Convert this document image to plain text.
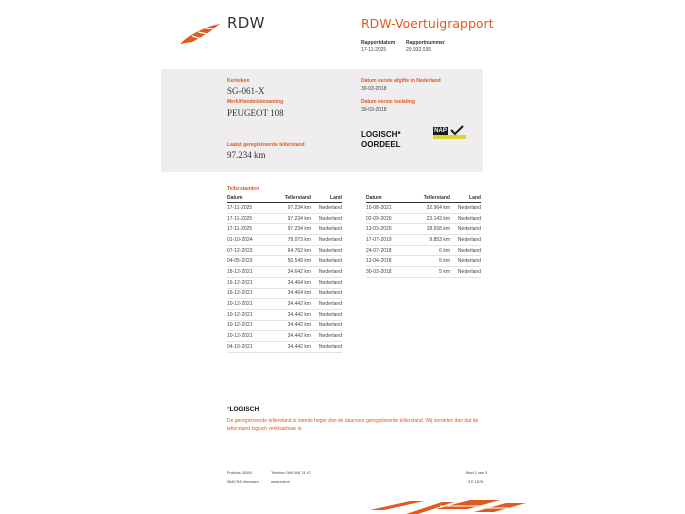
RDW	RDW-Voertuigrapport
Rapportdatum
17-11-2025
Rapportnummer
29.932.035
Kenteken
SG-061-X
Merk/Handelsbenaming
PEUGEOT 108
Laatst geregistreerde tellerstand
97.234 km
Datum eerste afgifte in Nederland
30-03-2018
Datum eerste toelating
30-03-2018
LOGISCH*
OORDEEL
NAP
Tellerstanden
Datum	Tellerstand	Land
17-11-2025	97.234 km	Nederland
17-11-2025	97.234 km	Nederland
17-11-2025	97.234 km	Nederland
01-10-2024	78.073 km	Nederland
07-12-2023	64.762 km	Nederland
04-05-2023	56.549 km	Nederland
18-12-2021	34.642 km	Nederland
16-12-2021	34.464 km	Nederland
16-12-2021	34.464 km	Nederland
10-12-2021	34.442 km	Nederland
10-12-2021	34.442 km	Nederland
10-12-2021	34.442 km	Nederland
10-12-2021	34.442 km	Nederland
04-10-2021	34.442 km	Nederland
Datum	Tellerstand	Land
10-08-2021	32.964 km	Nederland
02-09-2020	23.143 km	Nederland
13-03-2020	18.558 km	Nederland
17-07-2019	9.853 km	Nederland
24-07-2018	6 km	Nederland
12-04-2018	5 km	Nederland
30-03-2018	5 km	Nederland
*LOGISCH
De geregistreerde tellerstand is steeds hoger dan de daarvoor geregistreerde tellerstand. Wij oordelen dan dat de tellerstand logisch verklaarbaar is.
Postbus 30000
9640 RA Veendam
Telefoon 088 008 74 47
www.rdw.nl
Blad 1 van 3
3 E 1678
